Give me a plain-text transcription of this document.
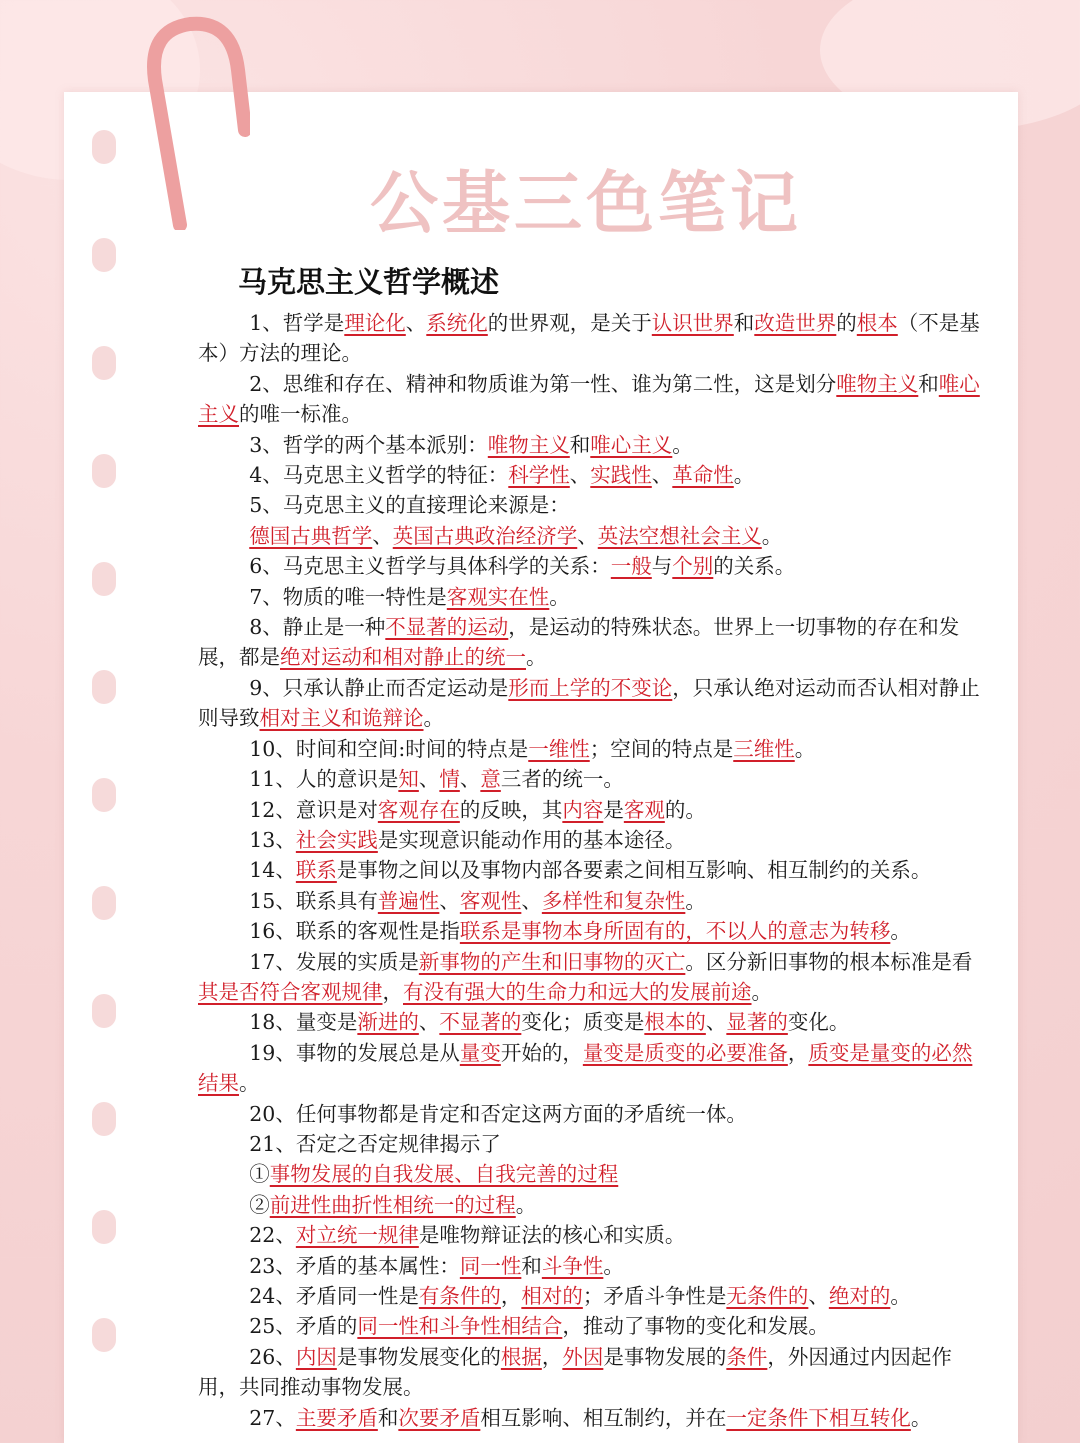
公基三色笔记
马克思主义哲学概述

1、哲学是理论化、系统化的世界观，是关于认识世界和改造世界的根本（不是基本）方法的理论。

2、思维和存在、精神和物质谁为第一性、谁为第二性，这是划分唯物主义和唯心主义的唯一标准。

3、哲学的两个基本派别：唯物主义和唯心主义。

4、马克思主义哲学的特征：科学性、实践性、革命性。

5、马克思主义的直接理论来源是：

德国古典哲学、英国古典政治经济学、英法空想社会主义。

6、马克思主义哲学与具体科学的关系：一般与个别的关系。

7、物质的唯一特性是客观实在性。

8、静止是一种不显著的运动，是运动的特殊状态。世界上一切事物的存在和发展，都是绝对运动和相对静止的统一。

9、只承认静止而否定运动是形而上学的不变论，只承认绝对运动而否认相对静止则导致相对主义和诡辩论。

10、时间和空间:时间的特点是一维性；空间的特点是三维性。

11、人的意识是知、情、意三者的统一。

12、意识是对客观存在的反映，其内容是客观的。

13、社会实践是实现意识能动作用的基本途径。

14、联系是事物之间以及事物内部各要素之间相互影响、相互制约的关系。

15、联系具有普遍性、客观性、多样性和复杂性。

16、联系的客观性是指联系是事物本身所固有的，不以人的意志为转移。

17、发展的实质是新事物的产生和旧事物的灭亡。区分新旧事物的根本标准是看其是否符合客观规律，有没有强大的生命力和远大的发展前途。

18、量变是渐进的、不显著的变化；质变是根本的、显著的变化。

19、事物的发展总是从量变开始的，量变是质变的必要准备，质变是量变的必然结果。

20、任何事物都是肯定和否定这两方面的矛盾统一体。

21、否定之否定规律揭示了

①事物发展的自我发展、自我完善的过程

②前进性曲折性相统一的过程。

22、对立统一规律是唯物辩证法的核心和实质。

23、矛盾的基本属性：同一性和斗争性。

24、矛盾同一性是有条件的，相对的；矛盾斗争性是无条件的、绝对的。

25、矛盾的同一性和斗争性相结合，推动了事物的变化和发展。

26、内因是事物发展变化的根据，外因是事物发展的条件，外因通过内因起作用，共同推动事物发展。

27、主要矛盾和次要矛盾相互影响、相互制约，并在一定条件下相互转化。
